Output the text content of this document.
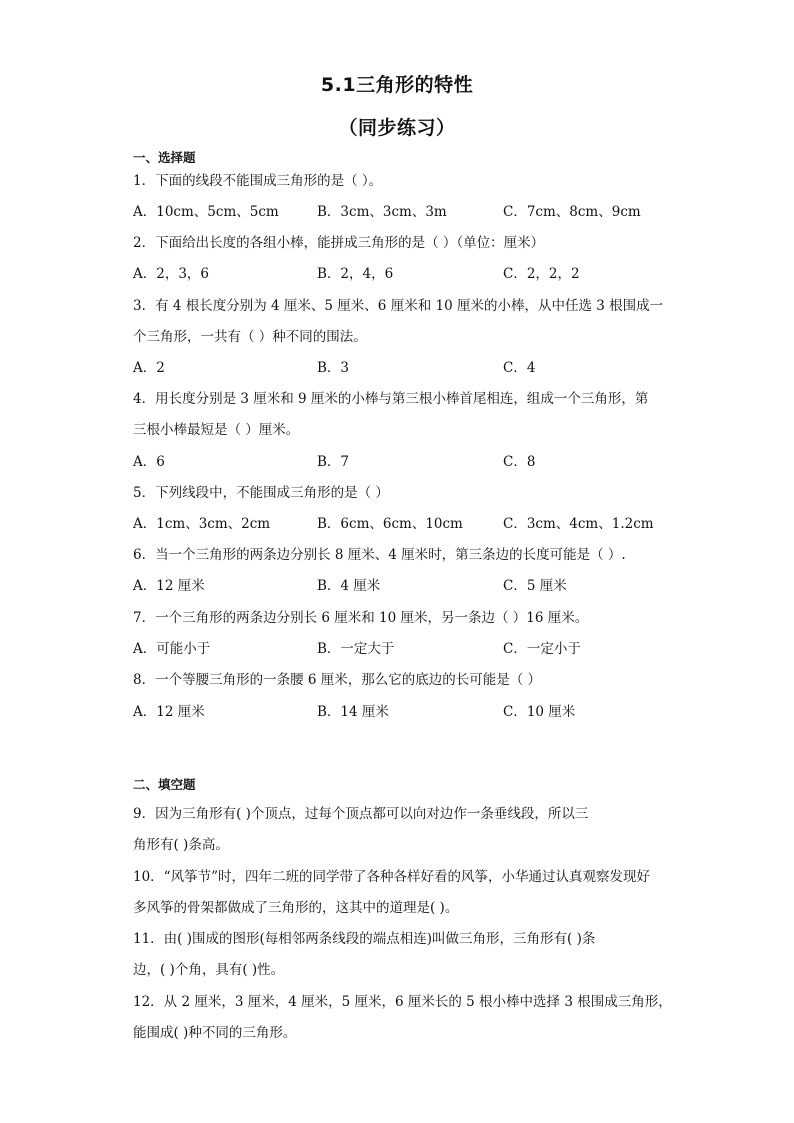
5.1三角形的特性
（同步练习）
一、选择题
1．下面的线段不能围成三角形的是（ ）。
A．10cm、5cm、5cm	B．3cm、3cm、3m	C．7cm、8cm、9cm
2．下面给出长度的各组小棒，能拼成三角形的是（ ）（单位：厘米）
A．2，3，6	B．2，4，6	C．2，2，2
3．有 4 根长度分别为 4 厘米、5 厘米、6 厘米和 10 厘米的小棒，从中任选 3 根围成一
个三角形，一共有（ ）种不同的围法。
A．2	B．3	C．4
4．用长度分别是 3 厘米和 9 厘米的小棒与第三根小棒首尾相连，组成一个三角形，第
三根小棒最短是（ ）厘米。
A．6	B．7	C．8
5．下列线段中，不能围成三角形的是（ ）
A．1cm、3cm、2cm	B．6cm、6cm、10cm	C．3cm、4cm、1.2cm
6．当一个三角形的两条边分别长 8 厘米、4 厘米时，第三条边的长度可能是（ ）.
A．12 厘米	B．4 厘米	C．5 厘米
7．一个三角形的两条边分别长 6 厘米和 10 厘米，另一条边（ ）16 厘米。
A．可能小于	B．一定大于	C．一定小于
8．一个等腰三角形的一条腰 6 厘米，那么它的底边的长可能是（ ）
A．12 厘米	B．14 厘米	C．10 厘米
二、填空题
9．因为三角形有( )个顶点，过每个顶点都可以向对边作一条垂线段，所以三
角形有( )条高。
10．“风筝节”时，四年二班的同学带了各种各样好看的风筝，小华通过认真观察发现好
多风筝的骨架都做成了三角形的，这其中的道理是( )。
11．由( )围成的图形(每相邻两条线段的端点相连)叫做三角形，三角形有( )条
边，( )个角，具有( )性。
12．从 2 厘米，3 厘米，4 厘米，5 厘米，6 厘米长的 5 根小棒中选择 3 根围成三角形，
能围成( )种不同的三角形。
